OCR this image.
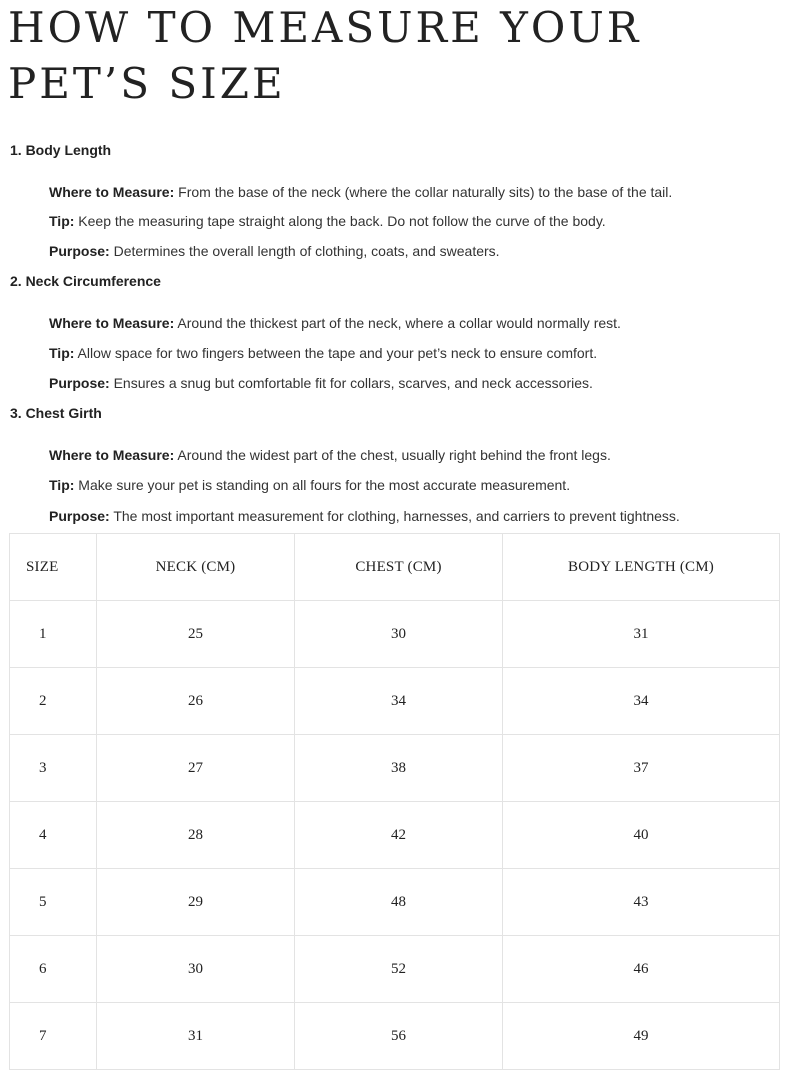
HOW TO MEASURE YOUR PET’S SIZE

1. Body Length

Where to Measure: From the base of the neck (where the collar naturally sits) to the base of the tail.

Tip: Keep the measuring tape straight along the back. Do not follow the curve of the body.

Purpose: Determines the overall length of clothing, coats, and sweaters.

2. Neck Circumference

Where to Measure: Around the thickest part of the neck, where a collar would normally rest.

Tip: Allow space for two fingers between the tape and your pet’s neck to ensure comfort.

Purpose: Ensures a snug but comfortable fit for collars, scarves, and neck accessories.

3. Chest Girth

Where to Measure: Around the widest part of the chest, usually right behind the front legs.

Tip: Make sure your pet is standing on all fours for the most accurate measurement.

Purpose: The most important measurement for clothing, harnesses, and carriers to prevent tightness.

SIZE	NECK (CM)	CHEST (CM)	BODY LENGTH (CM)
1	25	30	31
2	26	34	34
3	27	38	37
4	28	42	40
5	29	48	43
6	30	52	46
7	31	56	49
